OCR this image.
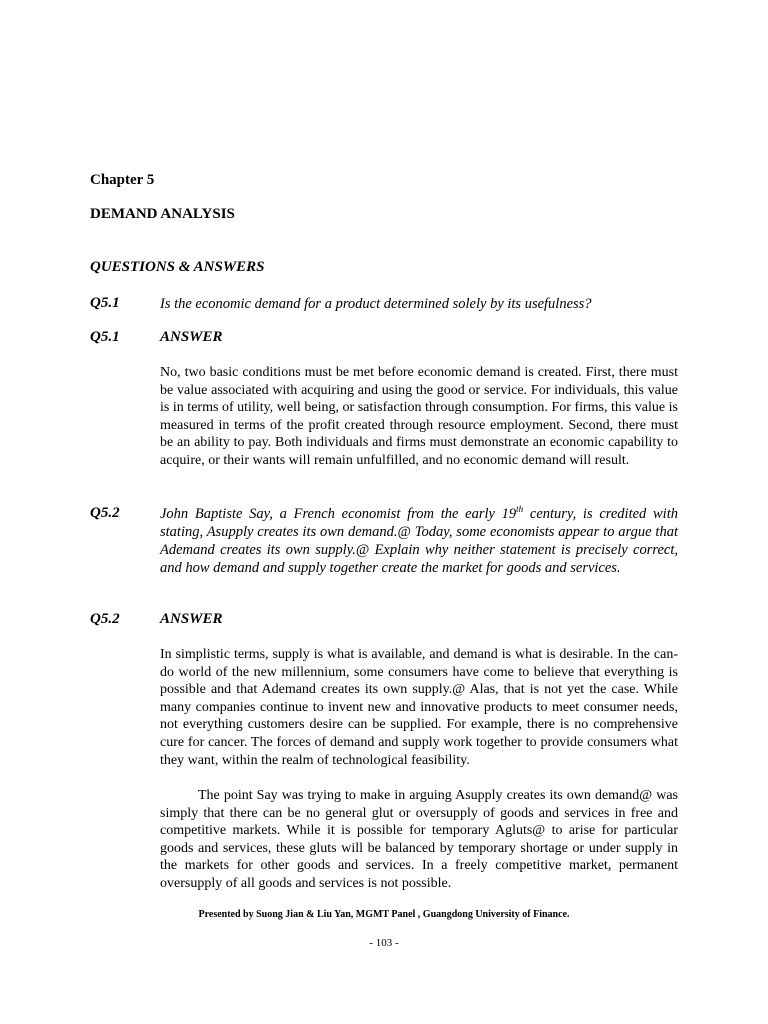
Chapter 5
DEMAND ANALYSIS
QUESTIONS & ANSWERS
Q5.1	Is the economic demand for a product determined solely by its usefulness?
Q5.1	ANSWER

No, two basic conditions must be met before economic demand is created. First, there must be value associated with acquiring and using the good or service. For individuals, this value is in terms of utility, well being, or satisfaction through consumption. For firms, this value is measured in terms of the profit created through resource employment. Second, there must be an ability to pay. Both individuals and firms must demonstrate an economic capability to acquire, or their wants will remain unfulfilled, and no economic demand will result.

Q5.2	John Baptiste Say, a French economist from the early 19th century, is credited with stating, Asupply creates its own demand.@ Today, some economists appear to argue that Ademand creates its own supply.@ Explain why neither statement is precisely correct, and how demand and supply together create the market for goods and services.
Q5.2	ANSWER

In simplistic terms, supply is what is available, and demand is what is desirable. In the can-do world of the new millennium, some consumers have come to believe that everything is possible and that Ademand creates its own supply.@ Alas, that is not yet the case. While many companies continue to invent new and innovative products to meet consumer needs, not everything customers desire can be supplied. For example, there is no comprehensive cure for cancer. The forces of demand and supply work together to provide consumers what they want, within the realm of technological feasibility.

The point Say was trying to make in arguing Asupply creates its own demand@ was simply that there can be no general glut or oversupply of goods and services in free and competitive markets. While it is possible for temporary Agluts@ to arise for particular goods and services, these gluts will be balanced by temporary shortage or under supply in the markets for other goods and services. In a freely competitive market, permanent oversupply of all goods and services is not possible.

Presented by Suong Jian & Liu Yan, MGMT Panel , Guangdong University of Finance.
- 103 -
